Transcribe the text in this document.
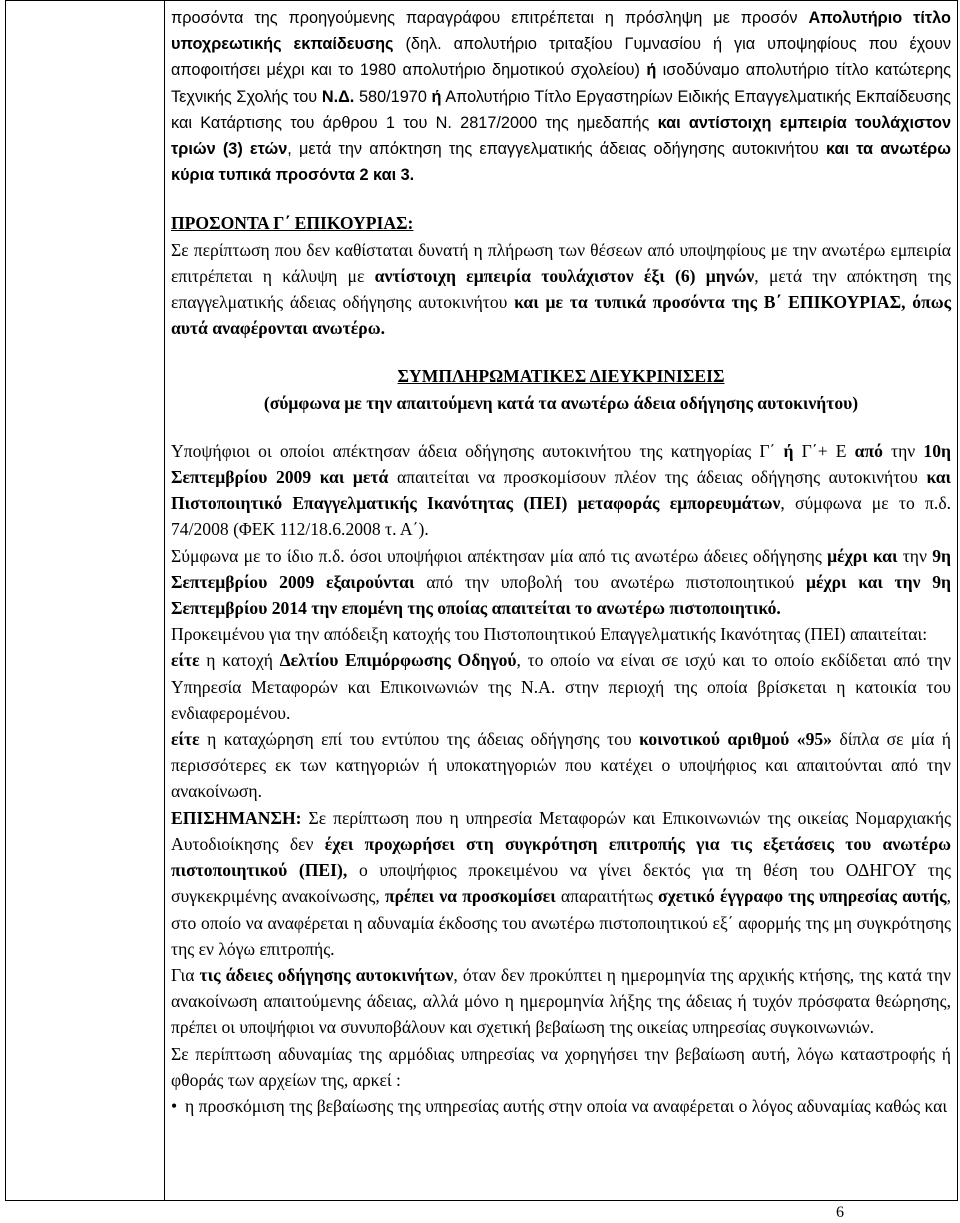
προσόντα της προηγούμενης παραγράφου επιτρέπεται η πρόσληψη με προσόν Απολυτήριο τίτλο υποχρεωτικής εκπαίδευσης (δηλ. απολυτήριο τριταξίου Γυμνασίου ή για υποψηφίους που έχουν αποφοιτήσει μέχρι και το 1980 απολυτήριο δημοτικού σχολείου) ή ισοδύναμο απολυτήριο τίτλο κατώτερης Τεχνικής Σχολής του Ν.Δ. 580/1970 ή Απολυτήριο Τίτλο Εργαστηρίων Ειδικής Επαγγελματικής Εκπαίδευσης και Κατάρτισης του άρθρου 1 του Ν. 2817/2000 της ημεδαπής και αντίστοιχη εμπειρία τουλάχιστον τριών (3) ετών, μετά την απόκτηση της επαγγελματικής άδειας οδήγησης αυτοκινήτου και τα ανωτέρω κύρια τυπικά προσόντα 2 και 3.

ΠΡΟΣΟΝΤΑ Γ΄ ΕΠΙΚΟΥΡΙΑΣ:

Σε περίπτωση που δεν καθίσταται δυνατή η πλήρωση των θέσεων από υποψηφίους με την ανωτέρω εμπειρία επιτρέπεται η κάλυψη με αντίστοιχη εμπειρία τουλάχιστον έξι (6) μηνών, μετά την απόκτηση της επαγγελματικής άδειας οδήγησης αυτοκινήτου και με τα τυπικά προσόντα της Β΄ ΕΠΙΚΟΥΡΙΑΣ, όπως αυτά αναφέρονται ανωτέρω.

ΣΥΜΠΛΗΡΩΜΑΤΙΚΕΣ ΔΙΕΥΚΡΙΝΙΣΕΙΣ

(σύμφωνα με την απαιτούμενη κατά τα ανωτέρω άδεια οδήγησης αυτοκινήτου)

Υποψήφιοι οι οποίοι απέκτησαν άδεια οδήγησης αυτοκινήτου της κατηγορίας Γ΄ ή Γ΄+ Ε από την 10η Σεπτεμβρίου 2009 και μετά απαιτείται να προσκομίσουν πλέον της άδειας οδήγησης αυτοκινήτου και Πιστοποιητικό Επαγγελματικής Ικανότητας (ΠΕΙ) μεταφοράς εμπορευμάτων, σύμφωνα με το π.δ. 74/2008 (ΦΕΚ 112/18.6.2008 τ. Α΄).

Σύμφωνα με το ίδιο π.δ. όσοι υποψήφιοι απέκτησαν μία από τις ανωτέρω άδειες οδήγησης μέχρι και την 9η Σεπτεμβρίου 2009 εξαιρούνται από την υποβολή του ανωτέρω πιστοποιητικού μέχρι και την 9η Σεπτεμβρίου 2014 την επομένη της οποίας απαιτείται το ανωτέρω πιστοποιητικό.

Προκειμένου για την απόδειξη κατοχής του Πιστοποιητικού Επαγγελματικής Ικανότητας (ΠΕΙ) απαιτείται:

είτε η κατοχή Δελτίου Επιμόρφωσης Οδηγού, το οποίο να είναι σε ισχύ και το οποίο εκδίδεται από την Υπηρεσία Μεταφορών και Επικοινωνιών της Ν.Α. στην περιοχή της οποία βρίσκεται η κατοικία του ενδιαφερομένου.

είτε η καταχώρηση επί του εντύπου της άδειας οδήγησης του κοινοτικού αριθμού «95» δίπλα σε μία ή περισσότερες εκ των κατηγοριών ή υποκατηγοριών που κατέχει ο υποψήφιος και απαιτούνται από την ανακοίνωση.

ΕΠΙΣΗΜΑΝΣΗ: Σε περίπτωση που η υπηρεσία Μεταφορών και Επικοινωνιών της οικείας Νομαρχιακής Αυτοδιοίκησης δεν έχει προχωρήσει στη συγκρότηση επιτροπής για τις εξετάσεις του ανωτέρω πιστοποιητικού (ΠΕΙ), ο υποψήφιος προκειμένου να γίνει δεκτός για τη θέση του ΟΔΗΓΟΥ της συγκεκριμένης ανακοίνωσης, πρέπει να προσκομίσει απαραιτήτως σχετικό έγγραφο της υπηρεσίας αυτής, στο οποίο να αναφέρεται η αδυναμία έκδοσης του ανωτέρω πιστοποιητικού εξ΄ αφορμής της μη συγκρότησης της εν λόγω επιτροπής.

Για τις άδειες οδήγησης αυτοκινήτων, όταν δεν προκύπτει η ημερομηνία της αρχικής κτήσης, της κατά την ανακοίνωση απαιτούμενης άδειας, αλλά μόνο η ημερομηνία λήξης της άδειας ή τυχόν πρόσφατα θεώρησης, πρέπει οι υποψήφιοι να συνυποβάλουν και σχετική βεβαίωση της οικείας υπηρεσίας συγκοινωνιών.

Σε περίπτωση αδυναμίας της αρμόδιας υπηρεσίας να χορηγήσει την βεβαίωση αυτή, λόγω καταστροφής ή φθοράς των αρχείων της, αρκεί :

• η προσκόμιση της βεβαίωσης της υπηρεσίας αυτής στην οποία να αναφέρεται ο λόγος αδυναμίας καθώς και

6
